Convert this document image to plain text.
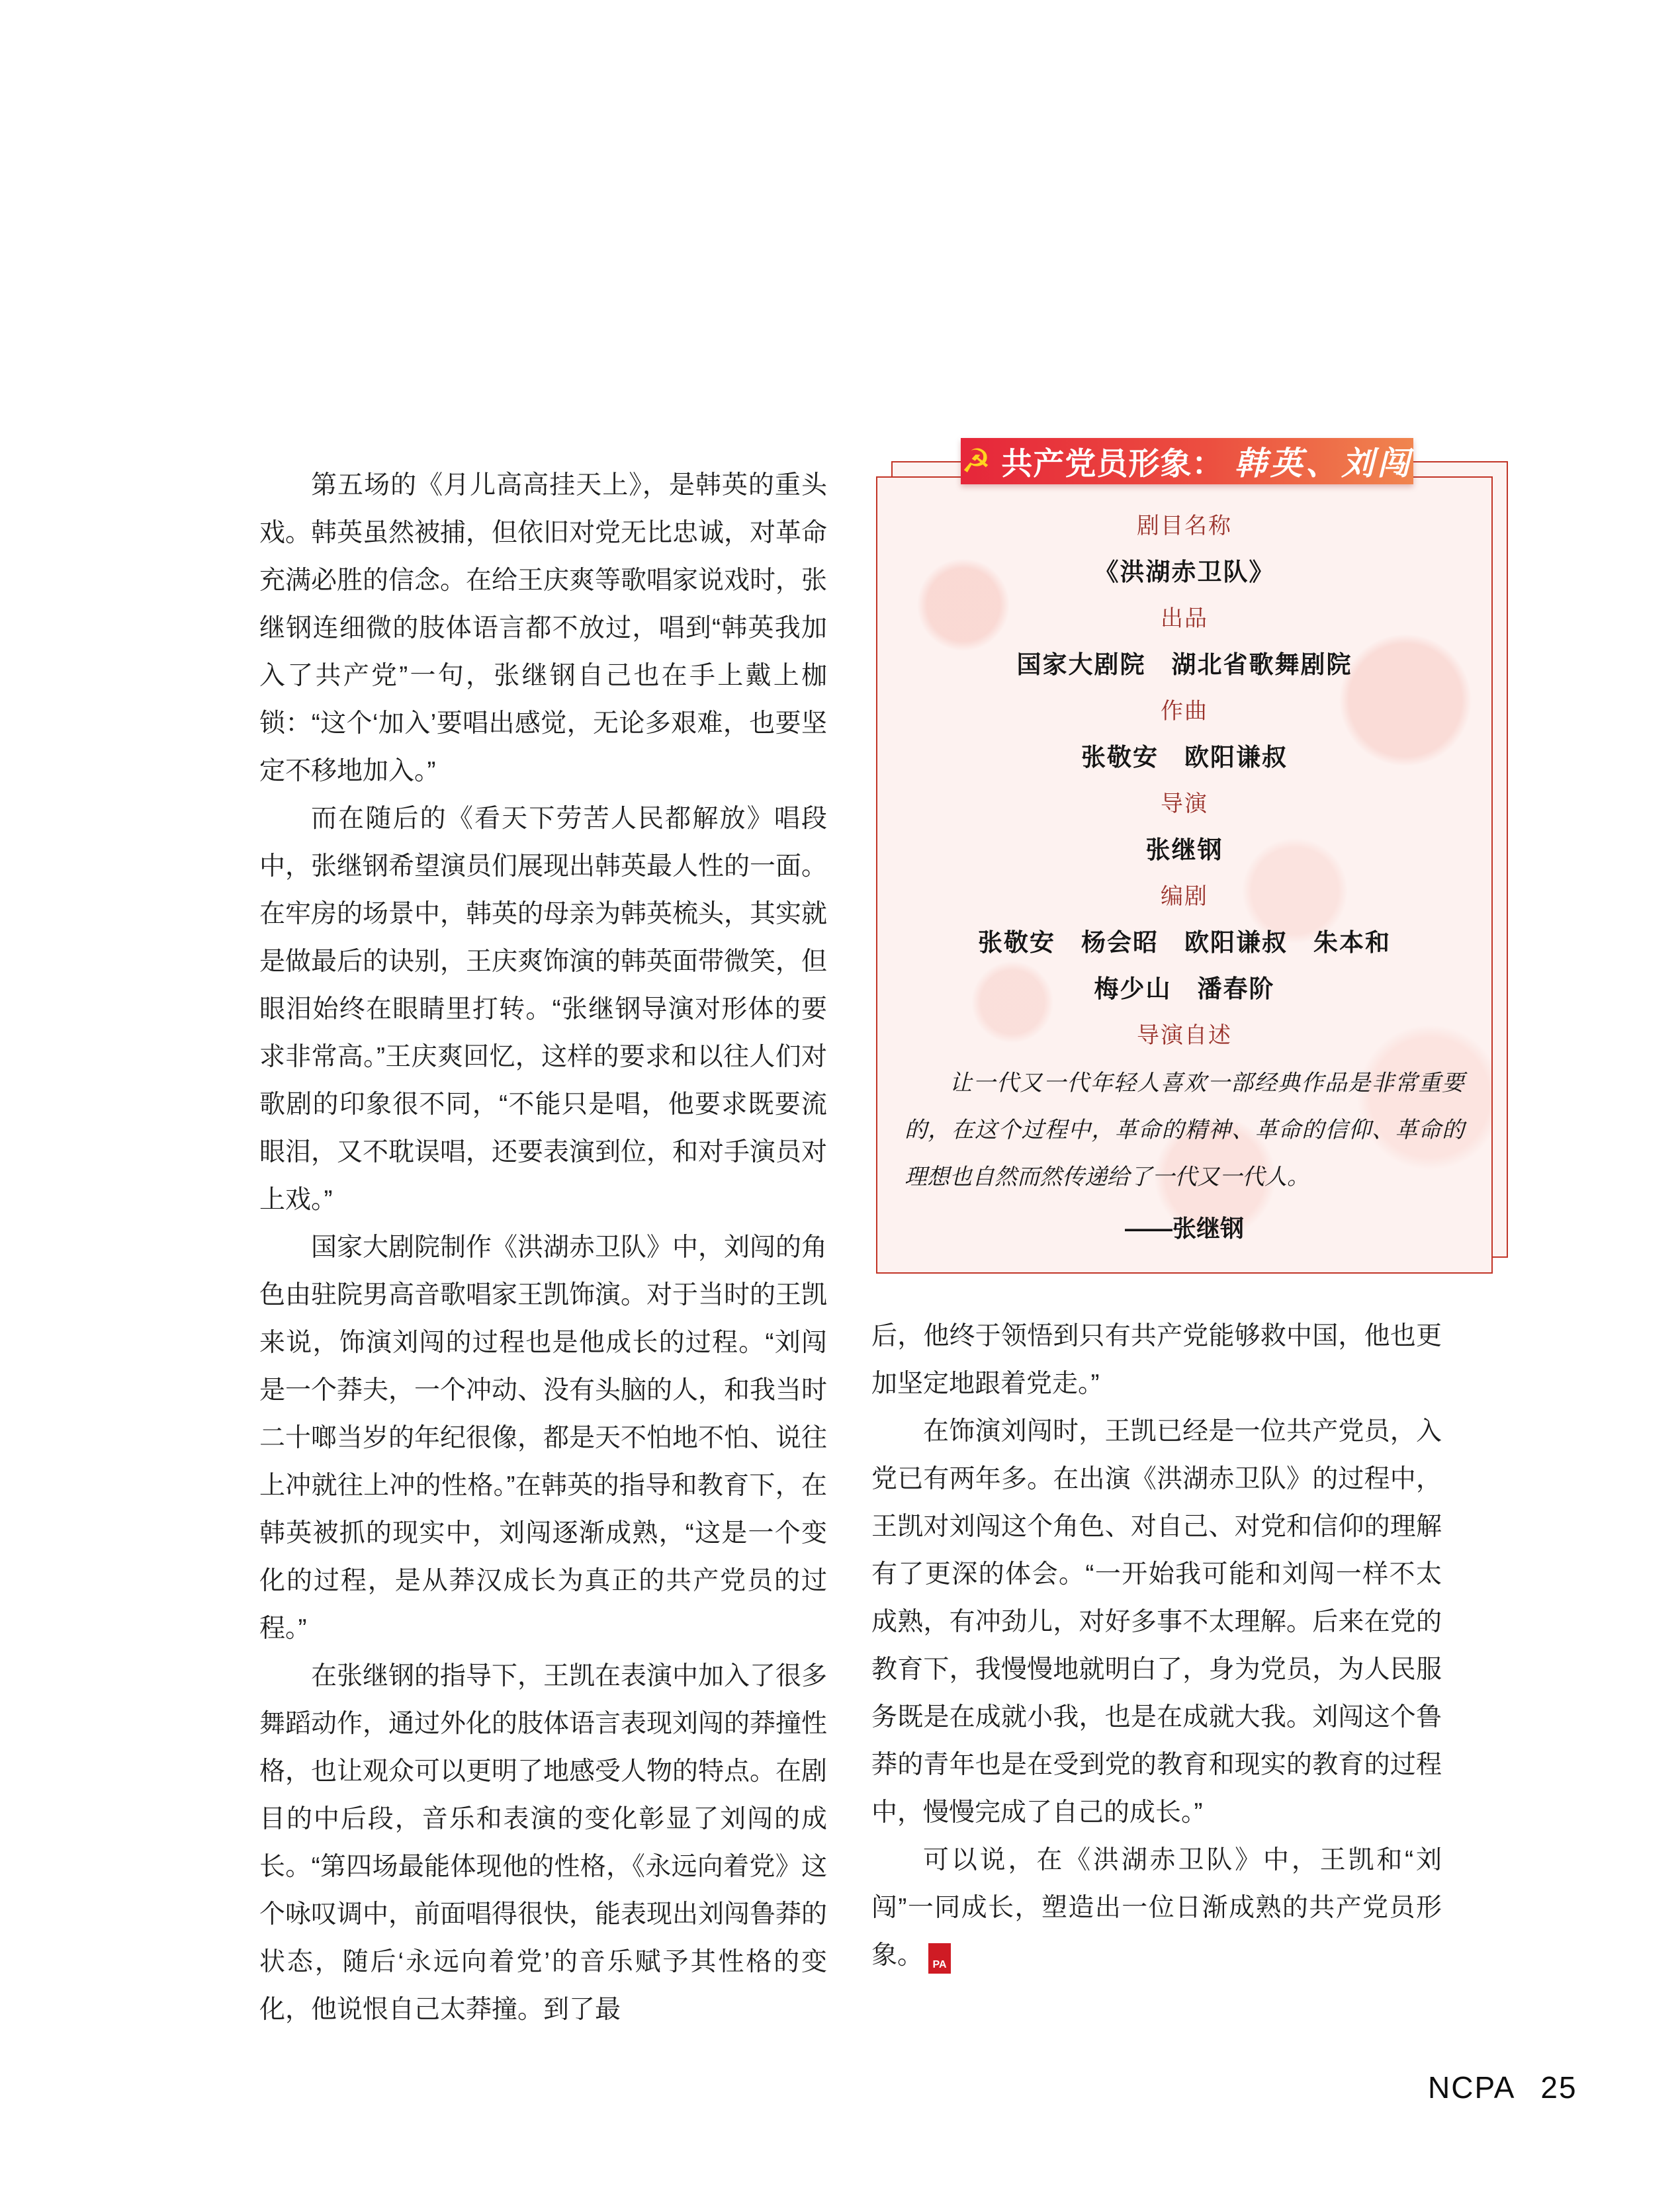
第五场的《月儿高高挂天上》，是韩英的重头戏。韩英虽然被捕，但依旧对党无比忠诚，对革命充满必胜的信念。在给王庆爽等歌唱家说戏时，张继钢连细微的肢体语言都不放过，唱到“韩英我加入了共产党”一句，张继钢自己也在手上戴上枷锁：“这个‘加入’要唱出感觉，无论多艰难，也要坚定不移地加入。”

而在随后的《看天下劳苦人民都解放》唱段中，张继钢希望演员们展现出韩英最人性的一面。在牢房的场景中，韩英的母亲为韩英梳头，其实就是做最后的诀别，王庆爽饰演的韩英面带微笑，但眼泪始终在眼睛里打转。“张继钢导演对形体的要求非常高。”王庆爽回忆，这样的要求和以往人们对歌剧的印象很不同，“不能只是唱，他要求既要流眼泪，又不耽误唱，还要表演到位，和对手演员对上戏。”

国家大剧院制作《洪湖赤卫队》中，刘闯的角色由驻院男高音歌唱家王凯饰演。对于当时的王凯来说，饰演刘闯的过程也是他成长的过程。“刘闯是一个莽夫，一个冲动、没有头脑的人，和我当时二十啷当岁的年纪很像，都是天不怕地不怕、说往上冲就往上冲的性格。”在韩英的指导和教育下，在韩英被抓的现实中，刘闯逐渐成熟，“这是一个变化的过程，是从莽汉成长为真正的共产党员的过程。”

在张继钢的指导下，王凯在表演中加入了很多舞蹈动作，通过外化的肢体语言表现刘闯的莽撞性格，也让观众可以更明了地感受人物的特点。在剧目的中后段，音乐和表演的变化彰显了刘闯的成长。“第四场最能体现他的性格，《永远向着党》这个咏叹调中，前面唱得很快，能表现出刘闯鲁莽的状态，随后‘永远向着党’的音乐赋予其性格的变化，他说恨自己太莽撞。到了最

后，他终于领悟到只有共产党能够救中国，他也更加坚定地跟着党走。”

在饰演刘闯时，王凯已经是一位共产党员，入党已有两年多。在出演《洪湖赤卫队》的过程中，王凯对刘闯这个角色、对自己、对党和信仰的理解有了更深的体会。“一开始我可能和刘闯一样不太成熟，有冲劲儿，对好多事不太理解。后来在党的教育下，我慢慢地就明白了，身为党员，为人民服务既是在成就小我，也是在成就大我。刘闯这个鲁莽的青年也是在受到党的教育和现实的教育的过程中，慢慢完成了自己的成长。”

可以说，在《洪湖赤卫队》中，王凯和“刘闯”一同成长，塑造出一位日渐成熟的共产党员形象。	NC
PA

剧目名称
《洪湖赤卫队》
出品
国家大剧院　湖北省歌舞剧院
作曲
张敬安　欧阳谦叔
导演
张继钢
编剧
张敬安　杨会昭　欧阳谦叔　朱本和
梅少山　潘春阶
导演自述
让一代又一代年轻人喜欢一部经典作品是非常重要的，在这个过程中，革命的精神、革命的信仰、革命的理想也自然而然传递给了一代又一代人。
——张继钢
☭ 共产党员形象： 韩英、刘闯
NCPA 25
